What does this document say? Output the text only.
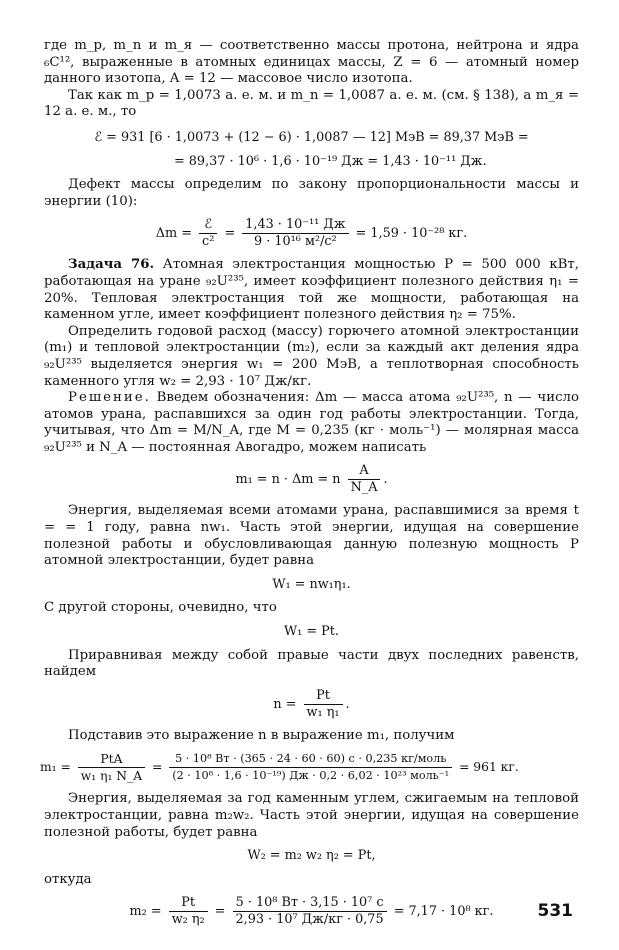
где m_p, m_n и m_я — соответственно массы протона, нейтрона и ядра ₆C¹², выраженные в атомных единицах массы, Z = 6 — атомный номер данного изотопа, A = 12 — массовое число изотопа.

Так как m_p = 1,0073 а. е. м. и m_n = 1,0087 а. е. м. (см. § 138), а m_я = 12 а. е. м., то

ℰ = 931 [6 · 1,0073 + (12 − 6) · 1,0087 — 12] МэВ = 89,37 МэВ =
= 89,37 · 10⁶ · 1,6 · 10⁻¹⁹ Дж = 1,43 · 10⁻¹¹ Дж.

Дефект массы определим по закону пропорциональности массы и энергии (10):

$\Delta m = \frac{\text{ℰ}}{\text{c²}} = \frac{\text{1,43 · 10⁻¹¹ Дж}}{\text{9 · 10¹⁶ м²/с²}} = 1,59 \cdot 10^{-28}$ кг.

Задача 76. Атомная электростанция мощностью P = 500 000 кВт, работающая на уране ₉₂U²³⁵, имеет коэффициент полезного действия η₁ = 20%. Тепловая электростанция той же мощности, работающая на каменном угле, имеет коэффициент полезного действия η₂ = 75%.

Определить годовой расход (массу) горючего атомной электростанции (m₁) и тепловой электростанции (m₂), если за каждый акт деления ядра ₉₂U²³⁵ выделяется энергия w₁ = 200 МэВ, а теплотворная способность каменного угля w₂ = 2,93 · 10⁷ Дж/кг.

Решение. Введем обозначения: Δm — масса атома ₉₂U²³⁵, n — число атомов урана, распавшихся за один год работы электростанции. Тогда, учитывая, что Δm = M/N_A, где M = 0,235 (кг · моль⁻¹) — молярная масса ₉₂U²³⁵ и N_A — постоянная Авогадро, можем написать

m₁ = n · Δm = n $\frac{A}{N\_A}$ .

Энергия, выделяемая всеми атомами урана, распавшимися за время t = = 1 году, равна nw₁. Часть этой энергии, идущая на совершение полезной работы и обусловливающая данную полезную мощность P атомной электростанции, будет равна

W₁ = nw₁η₁.

С другой стороны, очевидно, что

W₁ = Pt.

Приравнивая между собой правые части двух последних равенств, найдем

$n = \frac{Pt}{\text{w₁ η₁}}$ .

Подставив это выражение n в выражение m₁, получим

$m_1 = \frac{\text{PtA}}{\text{w₁ η₁ N\_A}} = \frac{\text{5 · 10⁸ Вт · (365 · 24 · 60 · 60) с · 0,235 кг/моль}}{\text{(2 · 10⁸ · 1,6 · 10⁻¹⁹) Дж · 0,2 · 6,02 · 10²³ моль⁻¹}} = 961$ кг.

Энергия, выделяемая за год каменным углем, сжигаемым на тепловой электростанции, равна m₂w₂. Часть этой энергии, идущая на совершение полезной работы, будет равна

W₂ = m₂ w₂ η₂ = Pt,

откуда

$m_2 = \frac{Pt}{\text{w₂ η₂}} = \frac{\text{5 · 10⁸ Вт · 3,15 · 10⁷ с}}{\text{2,93 · 10⁷ Дж/кг · 0,75}} = 7,17 \cdot 10^8$ кг.	531
